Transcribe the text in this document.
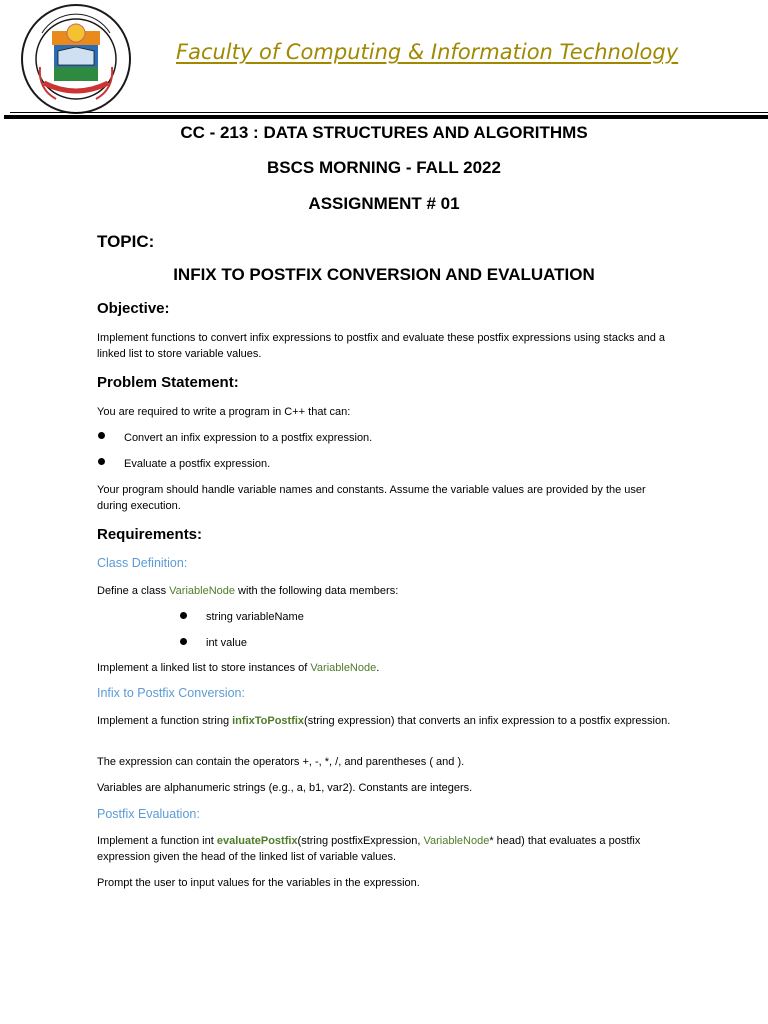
Faculty of Computing & Information Technology
CC - 213 : DATA STRUCTURES AND ALGORITHMS
BSCS MORNING - FALL 2022
ASSIGNMENT # 01
TOPIC:
INFIX TO POSTFIX CONVERSION AND EVALUATION
Objective:
Implement functions to convert infix expressions to postfix and evaluate these postfix expressions using stacks and a linked list to store variable values.
Problem Statement:
You are required to write a program in C++ that can:
Convert an infix expression to a postfix expression.
Evaluate a postfix expression.
Your program should handle variable names and constants. Assume the variable values are provided by the user during execution.
Requirements:
Class Definition:
Define a class VariableNode with the following data members:
string variableName
int value
Implement a linked list to store instances of VariableNode.
Infix to Postfix Conversion:
Implement a function string infixToPostfix(string expression) that converts an infix expression to a postfix expression.
The expression can contain the operators +, -, *, /, and parentheses ( and ).
Variables are alphanumeric strings (e.g., a, b1, var2). Constants are integers.
Postfix Evaluation:
Implement a function int evaluatePostfix(string postfixExpression, VariableNode* head) that evaluates a postfix expression given the head of the linked list of variable values.
Prompt the user to input values for the variables in the expression.
